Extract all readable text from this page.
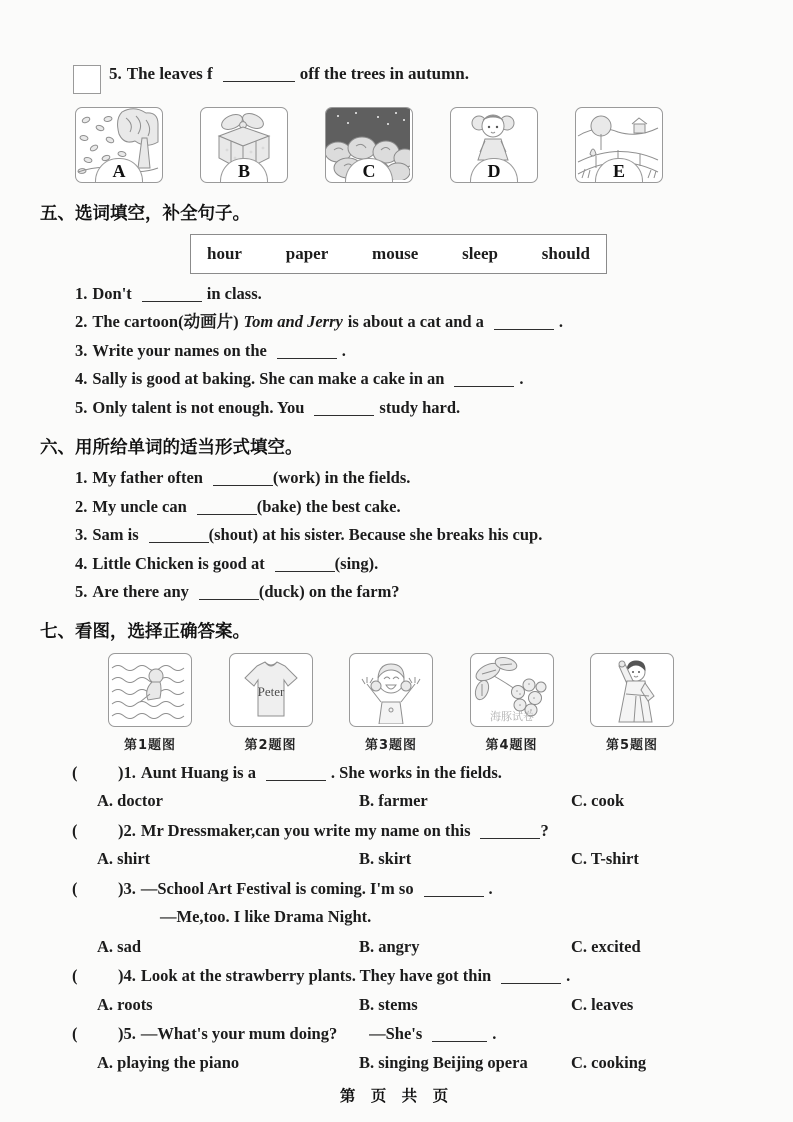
5. The leaves f	off the trees in autumn.
A	B	C	D	E
五、选词填空，补全句子。
hour	paper	mouse	sleep	should
1. Don't	in class.
2. The cartoon(动画片) Tom and Jerry is about a cat and a	.
3. Write your names on the	.
4. Sally is good at baking. She can make a cake in an	.
5. Only talent is not enough. You	study hard.
六、用所给单词的适当形式填空。
1. My father often	(work) in the fields.
2. My uncle can	(bake) the best cake.
3. Sam is	(shout) at his sister. Because she breaks his cup.
4. Little Chicken is good at	(sing).
5. Are there any	(duck) on the farm?
七、看图，选择正确答案。
第1题图
Peter
第2题图	第3题图
海豚试卷
第4题图	第5题图
(	) 1. Aunt Huang is a	. She works in the fields.
A. doctor	B. farmer	C. cook
(	) 2. Mr Dressmaker,can you write my name on this	?
A. shirt	B. skirt	C. T-shirt
(	) 3. —School Art Festival is coming. I'm so	.
—Me,too. I like Drama Night.
A. sad	B. angry	C. excited
(	) 4. Look at the strawberry plants. They have got thin	.
A. roots	B. stems	C. leaves
(	) 5. —What's your mum doing? —She's	.
A. playing the piano	B. singing Beijing opera	C. cooking
第 页 共 页
